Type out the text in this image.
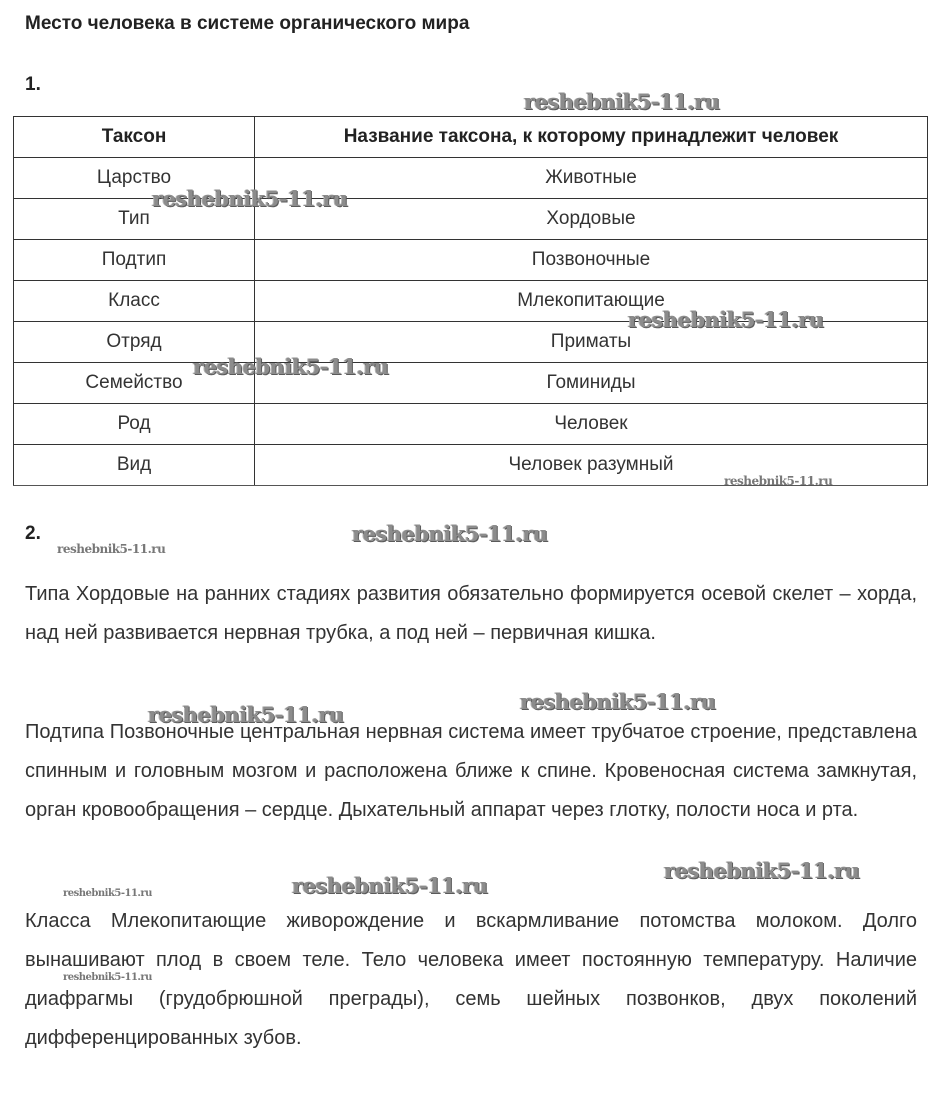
Место человека в системе органического мира
1.
Таксон	Название таксона, к которому принадлежит человек
Царство	Животные
Тип	Хордовые
Подтип	Позвоночные
Класс	Млекопитающие
Отряд	Приматы
Семейство	Гоминиды
Род	Человек
Вид	Человек разумный
2.

Типа Хордовые на ранних стадиях развития обязательно формируется осевой скелет – хорда, над ней развивается нервная трубка, а под ней – первичная кишка.

Подтипа Позвоночные центральная нервная система имеет трубчатое строение, представлена спинным и головным мозгом и расположена ближе к спине. Кровеносная система замкнутая, орган кровообращения – сердце. Дыхательный аппарат через глотку, полости носа и рта.

Класса Млекопитающие живорождение и вскармливание потомства молоком. Долго вынашивают плод в своем теле. Тело человека имеет постоянную температуру. Наличие диафрагмы (грудобрюшной преграды), семь шейных позвонков, двух поколений дифференцированных зубов.

reshebnik5-11.ru
reshebnik5-11.ru
reshebnik5-11.ru
reshebnik5-11.ru
reshebnik5-11.ru
reshebnik5-11.ru
reshebnik5-11.ru
reshebnik5-11.ru
reshebnik5-11.ru
reshebnik5-11.ru
reshebnik5-11.ru
reshebnik5-11.ru
reshebnik5-11.ru
